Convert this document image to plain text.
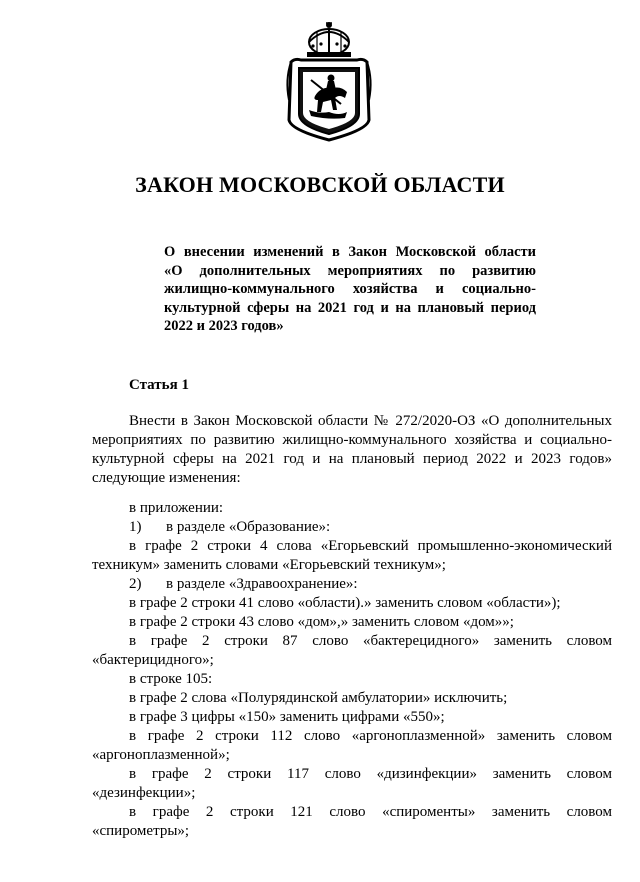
ЗАКОН МОСКОВСКОЙ ОБЛАСТИ
О внесении изменений в Закон Московской области
«О дополнительных мероприятиях по развитию
жилищно-коммунального хозяйства и социально-
культурной сферы на 2021 год и на плановый период
2022 и 2023 годов»
Статья 1
Внести в Закон Московской области № 272/2020-ОЗ «О дополнительных
мероприятиях по развитию жилищно-коммунального хозяйства и социально-
культурной сферы на 2021 год и на плановый период 2022 и 2023 годов»
следующие изменения:
в приложении:
1) в разделе «Образование»:
в графе 2 строки 4 слова «Егорьевский промышленно-экономический
техникум» заменить словами «Егорьевский техникум»;
2) в разделе «Здравоохранение»:
в графе 2 строки 41 слово «области).» заменить словом «области»);
в графе 2 строки 43 слово «дом»,» заменить словом «дом»»;
в графе 2 строки 87 слово «бактерецидного» заменить словом
«бактерицидного»;
в строке 105:
в графе 2 слова «Полурядинской амбулатории» исключить;
в графе 3 цифры «150» заменить цифрами «550»;
в графе 2 строки 112 слово «аргоноплазменной» заменить словом
«аргоноплазменной»;
в графе 2 строки 117 слово «дизинфекции» заменить словом
«дезинфекции»;
в графе 2 строки 121 слово «спироменты» заменить словом
«спирометры»;
